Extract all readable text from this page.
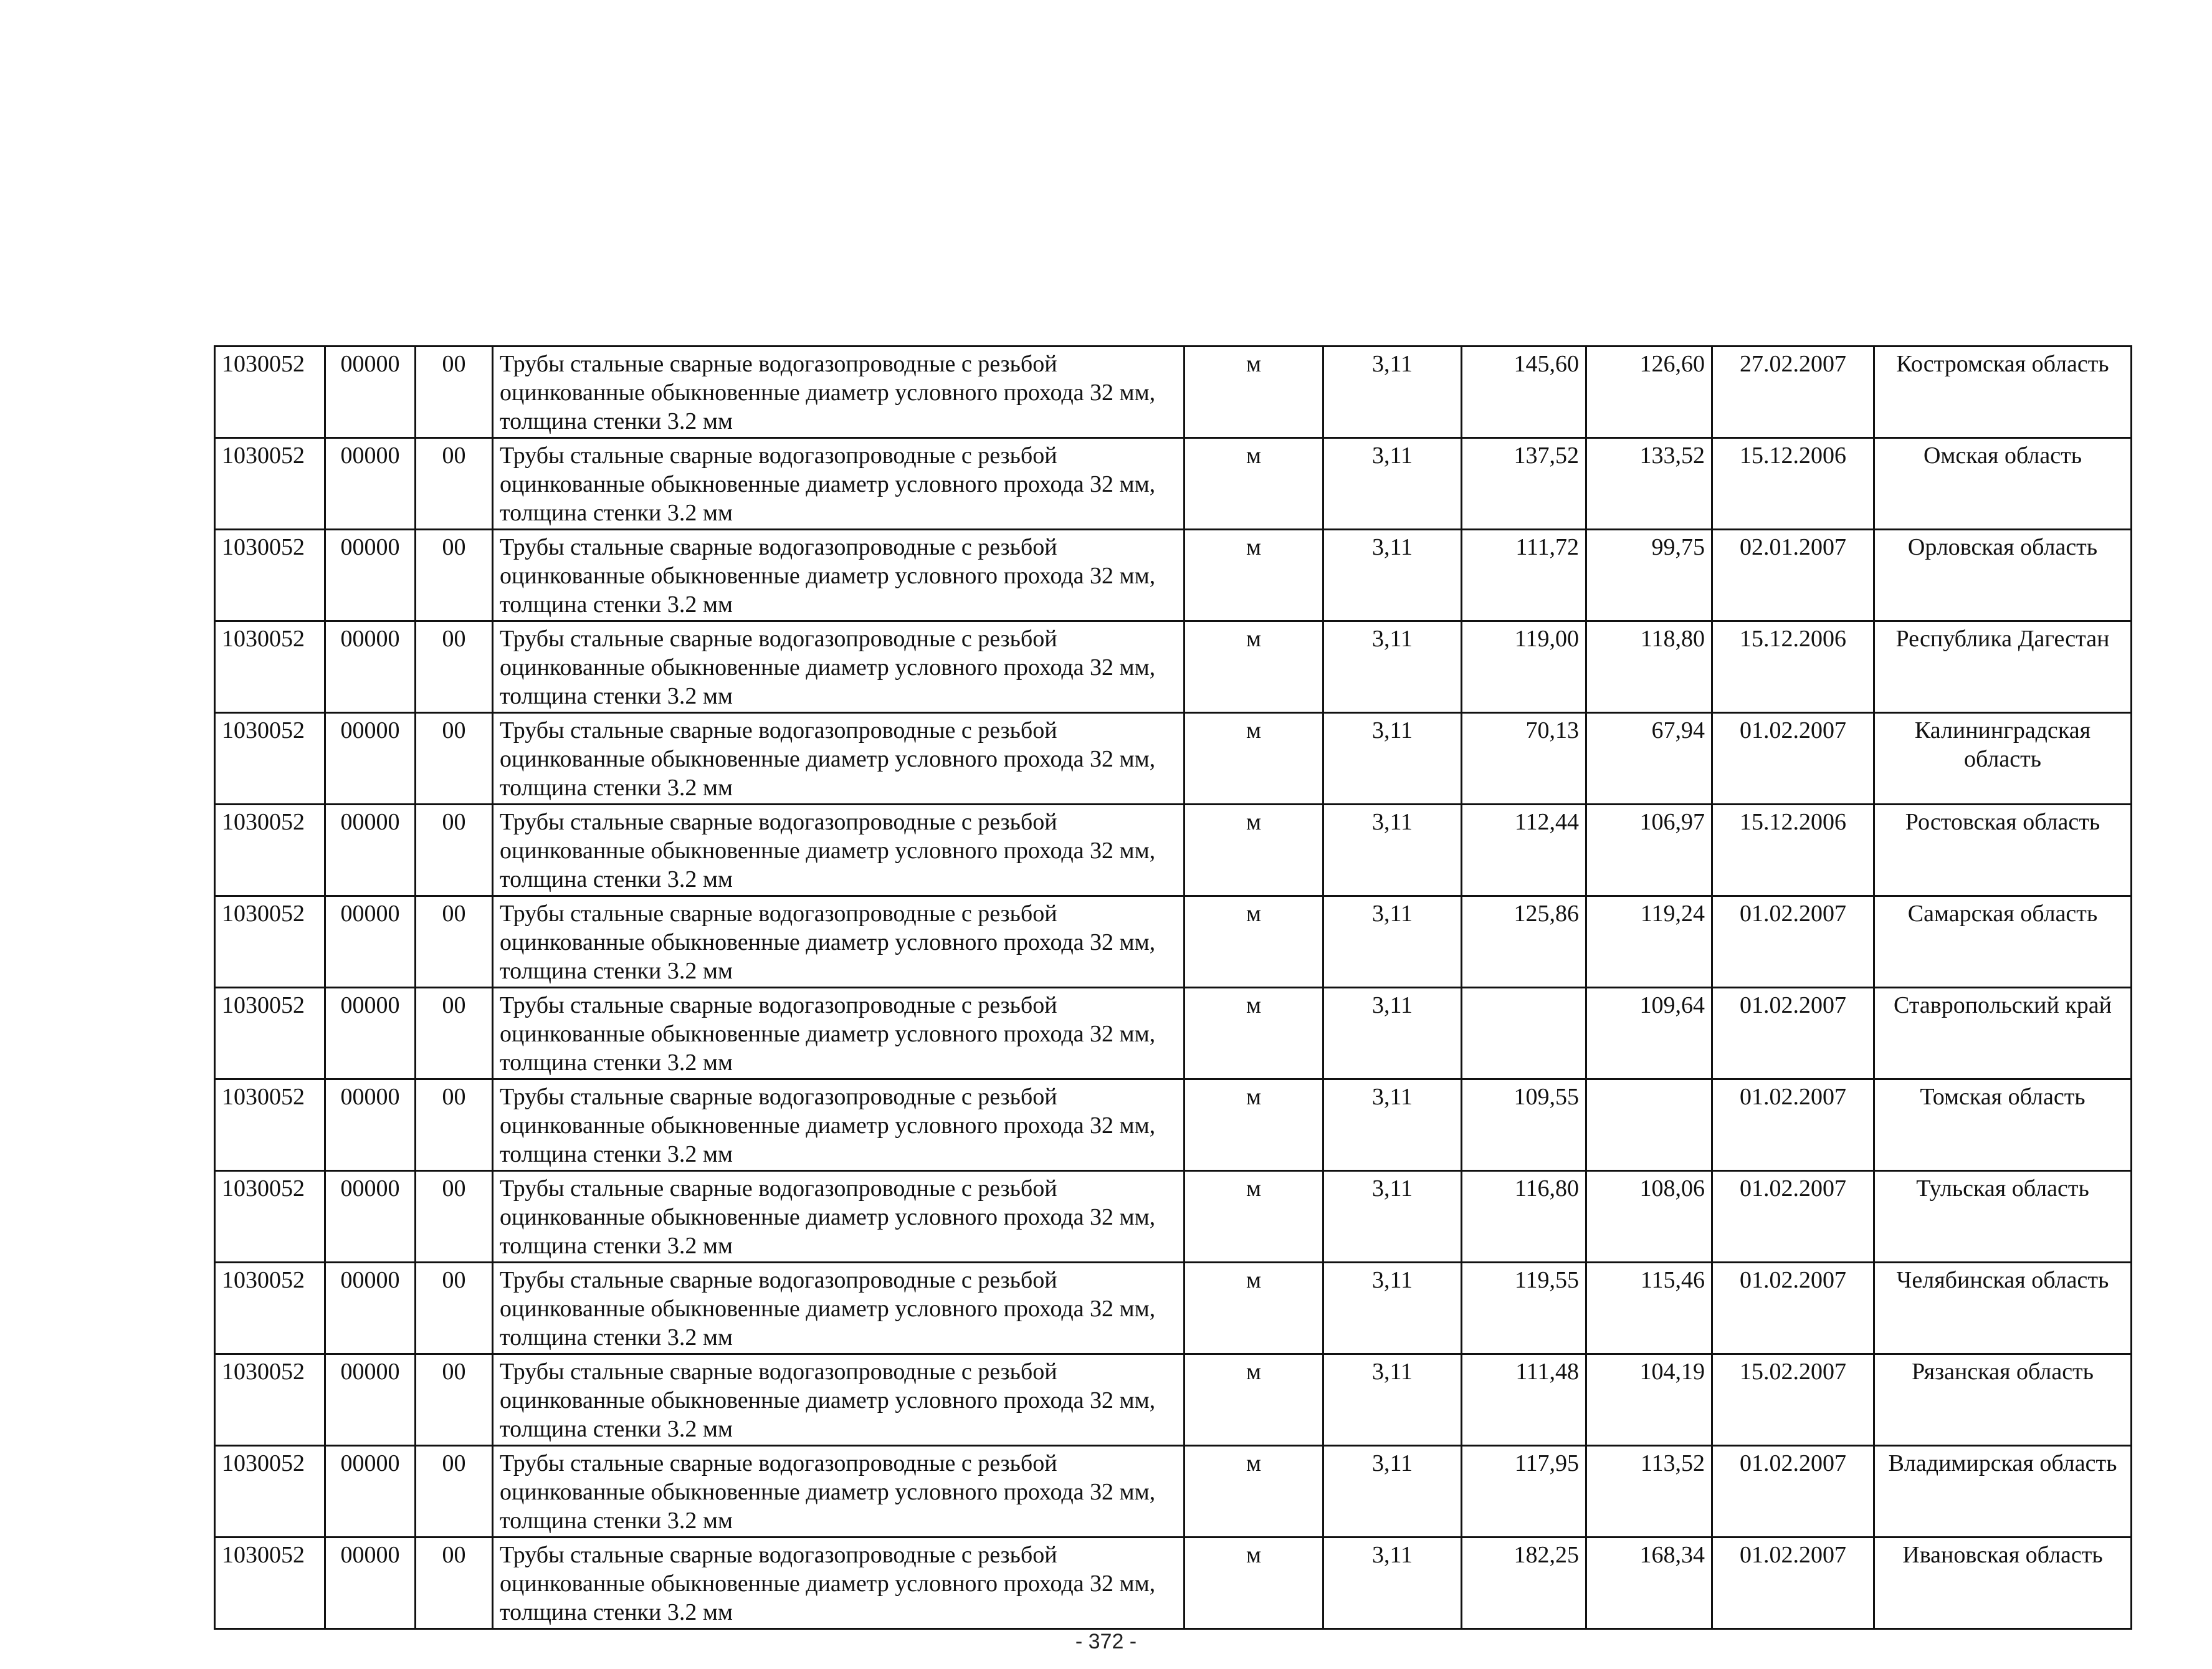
1030052	00000	00	Трубы стальные сварные водогазопроводные с резьбой оцинкованные обыкновенные диаметр условного прохода 32 мм, толщина стенки 3.2 мм	м	3,11	145,60	126,60	27.02.2007	Костромская область
1030052	00000	00	Трубы стальные сварные водогазопроводные с резьбой оцинкованные обыкновенные диаметр условного прохода 32 мм, толщина стенки 3.2 мм	м	3,11	137,52	133,52	15.12.2006	Омская область
1030052	00000	00	Трубы стальные сварные водогазопроводные с резьбой оцинкованные обыкновенные диаметр условного прохода 32 мм, толщина стенки 3.2 мм	м	3,11	111,72	99,75	02.01.2007	Орловская область
1030052	00000	00	Трубы стальные сварные водогазопроводные с резьбой оцинкованные обыкновенные диаметр условного прохода 32 мм, толщина стенки 3.2 мм	м	3,11	119,00	118,80	15.12.2006	Республика Дагестан
1030052	00000	00	Трубы стальные сварные водогазопроводные с резьбой оцинкованные обыкновенные диаметр условного прохода 32 мм, толщина стенки 3.2 мм	м	3,11	70,13	67,94	01.02.2007	Калининградская область
1030052	00000	00	Трубы стальные сварные водогазопроводные с резьбой оцинкованные обыкновенные диаметр условного прохода 32 мм, толщина стенки 3.2 мм	м	3,11	112,44	106,97	15.12.2006	Ростовская область
1030052	00000	00	Трубы стальные сварные водогазопроводные с резьбой оцинкованные обыкновенные диаметр условного прохода 32 мм, толщина стенки 3.2 мм	м	3,11	125,86	119,24	01.02.2007	Самарская область
1030052	00000	00	Трубы стальные сварные водогазопроводные с резьбой оцинкованные обыкновенные диаметр условного прохода 32 мм, толщина стенки 3.2 мм	м	3,11		109,64	01.02.2007	Ставропольский край
1030052	00000	00	Трубы стальные сварные водогазопроводные с резьбой оцинкованные обыкновенные диаметр условного прохода 32 мм, толщина стенки 3.2 мм	м	3,11	109,55		01.02.2007	Томская область
1030052	00000	00	Трубы стальные сварные водогазопроводные с резьбой оцинкованные обыкновенные диаметр условного прохода 32 мм, толщина стенки 3.2 мм	м	3,11	116,80	108,06	01.02.2007	Тульская область
1030052	00000	00	Трубы стальные сварные водогазопроводные с резьбой оцинкованные обыкновенные диаметр условного прохода 32 мм, толщина стенки 3.2 мм	м	3,11	119,55	115,46	01.02.2007	Челябинская область
1030052	00000	00	Трубы стальные сварные водогазопроводные с резьбой оцинкованные обыкновенные диаметр условного прохода 32 мм, толщина стенки 3.2 мм	м	3,11	111,48	104,19	15.02.2007	Рязанская область
1030052	00000	00	Трубы стальные сварные водогазопроводные с резьбой оцинкованные обыкновенные диаметр условного прохода 32 мм, толщина стенки 3.2 мм	м	3,11	117,95	113,52	01.02.2007	Владимирская область
1030052	00000	00	Трубы стальные сварные водогазопроводные с резьбой оцинкованные обыкновенные диаметр условного прохода 32 мм, толщина стенки 3.2 мм	м	3,11	182,25	168,34	01.02.2007	Ивановская область
- 372 -
